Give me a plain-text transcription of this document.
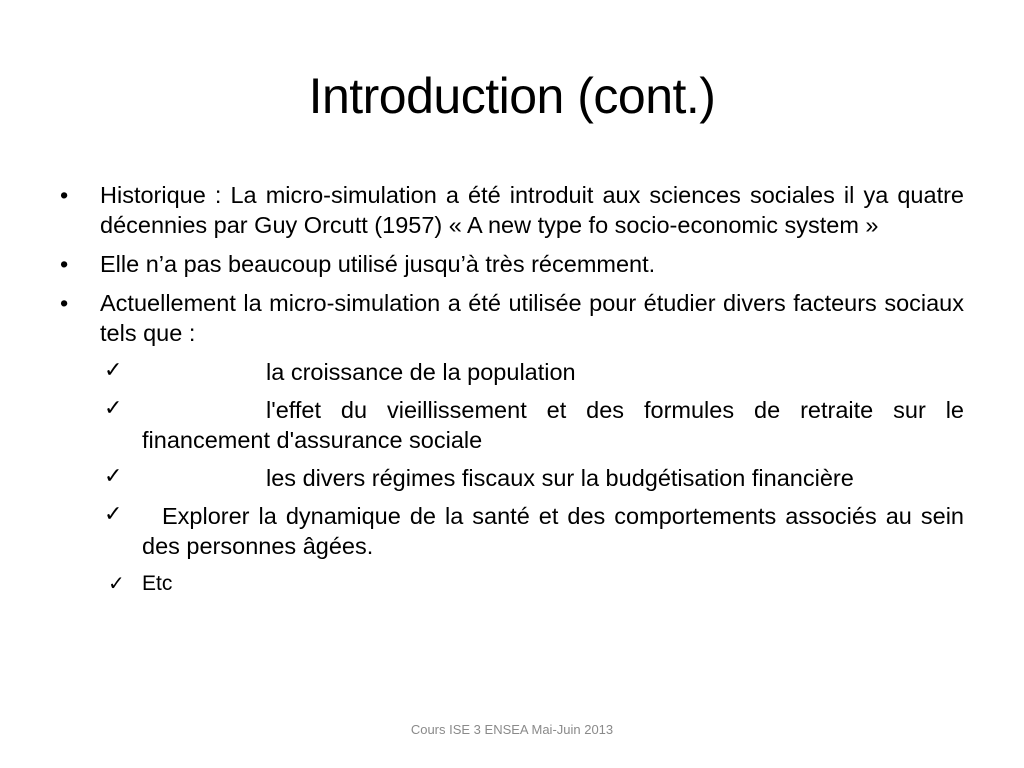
Introduction (cont.)
•	Historique : La micro-simulation a été introduit aux sciences sociales il ya quatre décennies par Guy Orcutt (1957) « A new type fo socio-economic system »
•	Elle n’a pas beaucoup utilisé jusqu’à très récemment.
•	Actuellement la micro-simulation a été utilisée pour étudier divers facteurs sociaux tels que :
✓	la croissance de la population
✓	l'effet du vieillissement et des formules de retraite sur le financement d'assurance sociale
✓	les divers régimes fiscaux sur la budgétisation financière
✓ Explorer la dynamique de la santé et des comportements associés au sein des personnes âgées.
✓ Etc
Cours ISE 3 ENSEA Mai-Juin 2013
